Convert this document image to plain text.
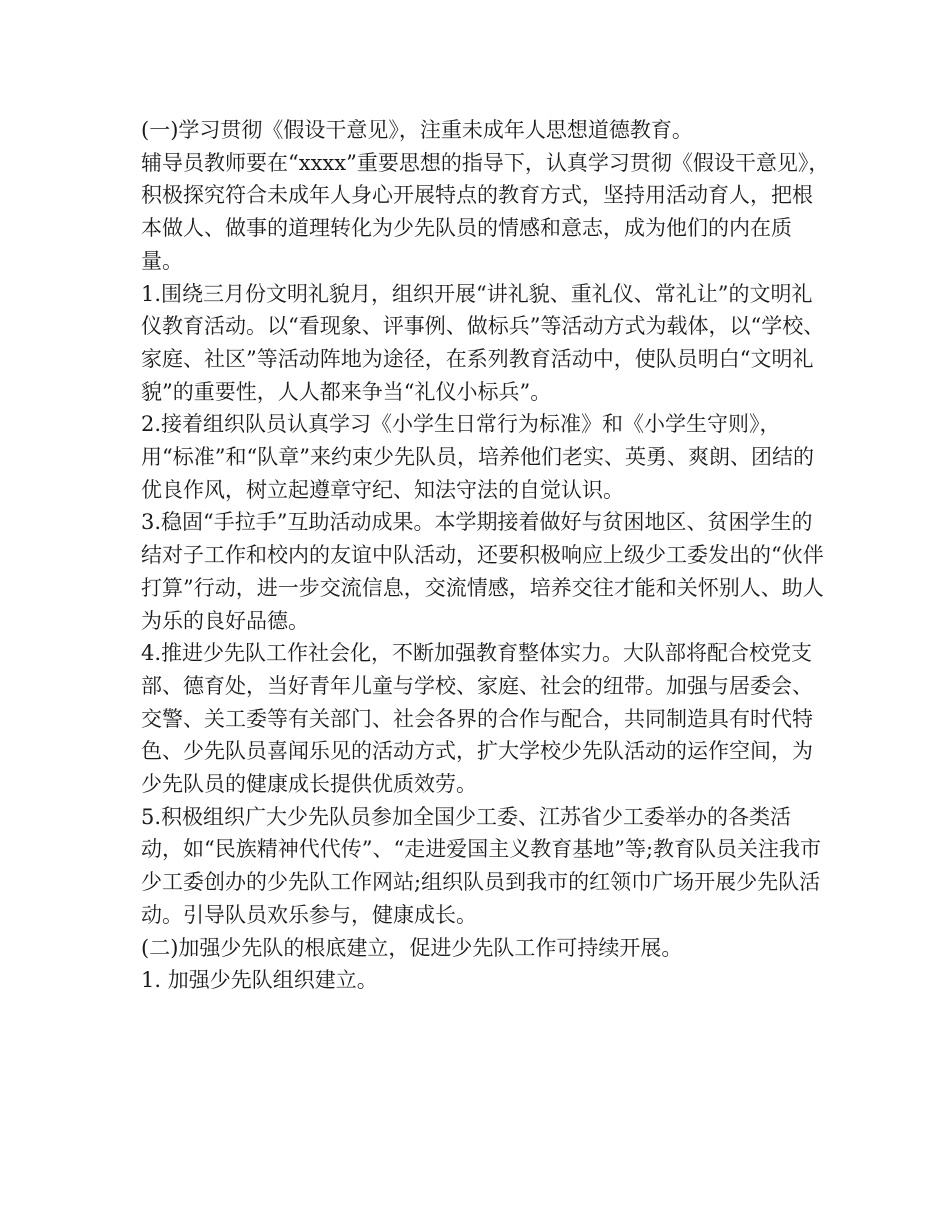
(一)学习贯彻《假设干意见》，注重未成年人思想道德教育。

辅导员教师要在“xxxx”重要思想的指导下，认真学习贯彻《假设干意见》，积极探究符合未成年人身心开展特点的教育方式，坚持用活动育人，把根本做人、做事的道理转化为少先队员的情感和意志，成为他们的内在质量。

1.围绕三月份文明礼貌月，组织开展“讲礼貌、重礼仪、常礼让”的文明礼仪教育活动。以“看现象、评事例、做标兵”等活动方式为载体，以“学校、家庭、社区”等活动阵地为途径，在系列教育活动中，使队员明白“文明礼貌”的重要性，人人都来争当“礼仪小标兵”。

2.接着组织队员认真学习《小学生日常行为标准》和《小学生守则》，用“标准”和“队章”来约束少先队员，培养他们老实、英勇、爽朗、团结的优良作风，树立起遵章守纪、知法守法的自觉认识。

3.稳固“手拉手”互助活动成果。本学期接着做好与贫困地区、贫困学生的结对子工作和校内的友谊中队活动，还要积极响应上级少工委发出的“伙伴打算”行动，进一步交流信息，交流情感，培养交往才能和关怀别人、助人为乐的良好品德。

4.推进少先队工作社会化，不断加强教育整体实力。大队部将配合校党支部、德育处，当好青年儿童与学校、家庭、社会的纽带。加强与居委会、交警、关工委等有关部门、社会各界的合作与配合，共同制造具有时代特色、少先队员喜闻乐见的活动方式，扩大学校少先队活动的运作空间，为少先队员的健康成长提供优质效劳。

5.积极组织广大少先队员参加全国少工委、江苏省少工委举办的各类活动，如“民族精神代代传”、“走进爱国主义教育基地”等;教育队员关注我市少工委创办的少先队工作网站;组织队员到我市的红领巾广场开展少先队活动。引导队员欢乐参与，健康成长。

(二)加强少先队的根底建立，促进少先队工作可持续开展。

1. 加强少先队组织建立。
